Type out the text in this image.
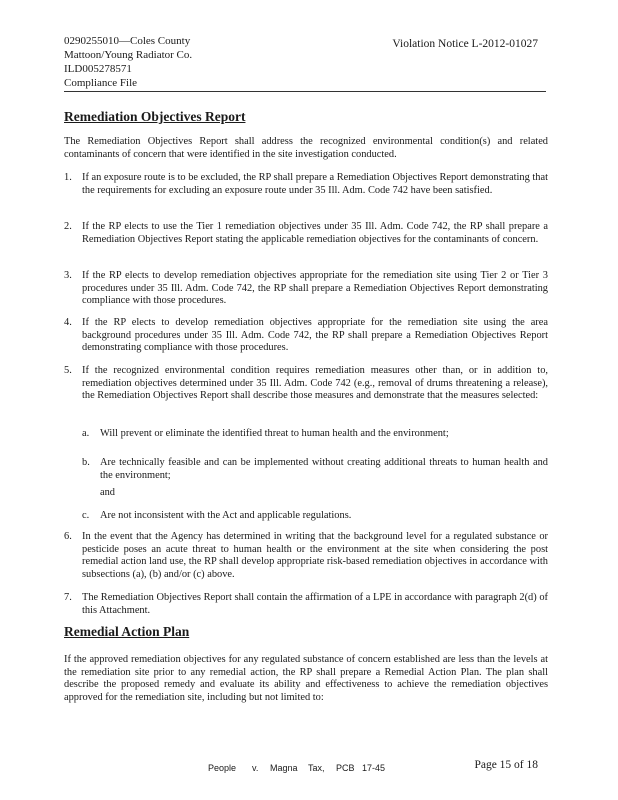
0290255010—Coles County
Mattoon/Young Radiator Co.
ILD005278571
Compliance File
Violation Notice L-2012-01027
Remediation Objectives Report
The Remediation Objectives Report shall address the recognized environmental condition(s) and related contaminants of concern that were identified in the site investigation conducted.
1. If an exposure route is to be excluded, the RP shall prepare a Remediation Objectives Report demonstrating that the requirements for excluding an exposure route under 35 Ill. Adm. Code 742 have been satisfied.
2. If the RP elects to use the Tier 1 remediation objectives under 35 Ill. Adm. Code 742, the RP shall prepare a Remediation Objectives Report stating the applicable remediation objectives for the contaminants of concern.
3. If the RP elects to develop remediation objectives appropriate for the remediation site using Tier 2 or Tier 3 procedures under 35 Ill. Adm. Code 742, the RP shall prepare a Remediation Objectives Report demonstrating compliance with those procedures.
4. If the RP elects to develop remediation objectives appropriate for the remediation site using the area background procedures under 35 Ill. Adm. Code 742, the RP shall prepare a Remediation Objectives Report demonstrating compliance with those procedures.
5. If the recognized environmental condition requires remediation measures other than, or in addition to, remediation objectives determined under 35 Ill. Adm. Code 742 (e.g., removal of drums threatening a release), the Remediation Objectives Report shall describe those measures and demonstrate that the measures selected:
a.	Will prevent or eliminate the identified threat to human health and the environment;
b. Are technically feasible and can be implemented without creating additional threats to human health and the environment;
and
c.	Are not inconsistent with the Act and applicable regulations.
6. In the event that the Agency has determined in writing that the background level for a regulated substance or pesticide poses an acute threat to human health or the environment at the site when considering the post remedial action land use, the RP shall develop appropriate risk-based remediation objectives in accordance with subsections (a), (b) and/or (c) above.
7. The Remediation Objectives Report shall contain the affirmation of a LPE in accordance with paragraph 2(d) of this Attachment.
Remedial Action Plan
If the approved remediation objectives for any regulated substance of concern established are less than the levels at the remediation site prior to any remedial action, the RP shall prepare a Remedial Action Plan. The plan shall describe the proposed remedy and evaluate its ability and effectiveness to achieve the remediation objectives approved for the remediation site, including but not limited to:
People v. Magna Tax, PCB 17-45	Page 15 of 18
